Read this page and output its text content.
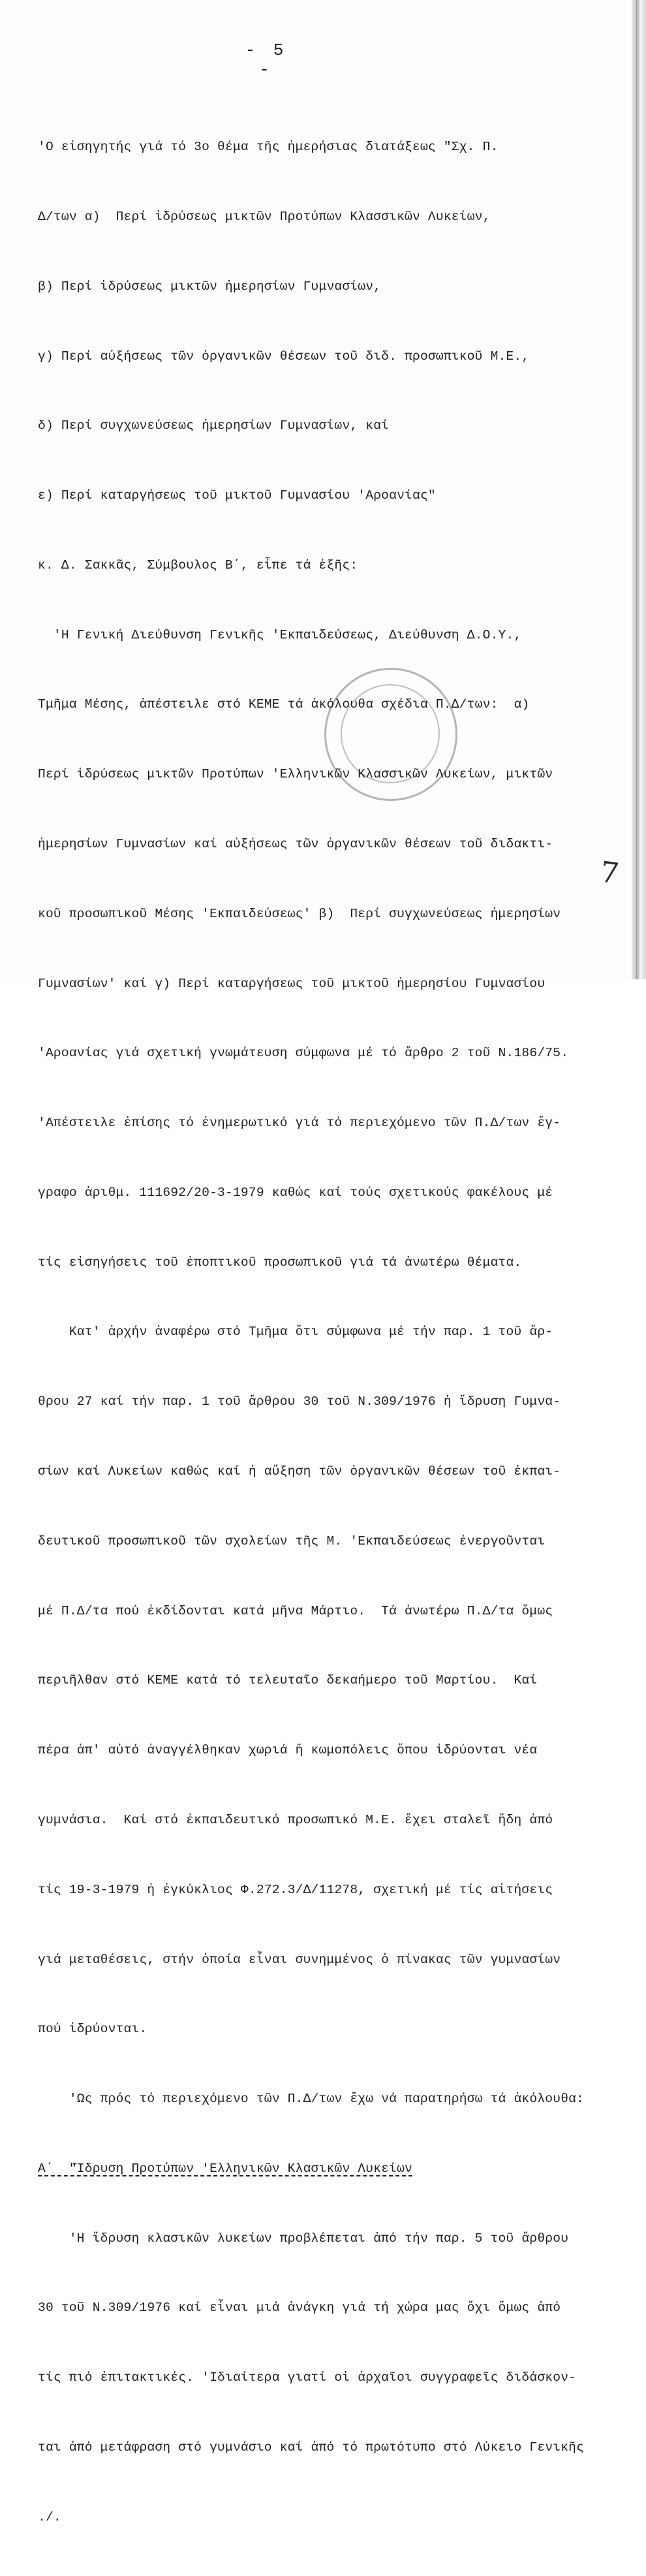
- 5 -

'Ο εἰσηγητής γιά τό 3ο θέμα τῆς ἡμερήσιας διατάξεως "Σχ. Π.

Δ/των α)  Περί ἱδρύσεως μικτῶν Προτύπων Κλασσικῶν Λυκείων,

β) Περί ἱδρύσεως μικτῶν ἡμερησίων Γυμνασίων,

γ) Περί αὐξήσεως τῶν ὀργανικῶν θέσεων τοῦ διδ. προσωπικοῦ Μ.Ε.,

δ) Περί συγχωνεύσεως ἡμερησίων Γυμνασίων, καί

ε) Περί καταργήσεως τοῦ μικτοῦ Γυμνασίου 'Αροανίας"

κ. Δ. Σακκᾶς, Σύμβουλος Β΄, εἶπε τά ἑξῆς:

'Η Γενική Διεύθυνση Γενικῆς 'Εκπαιδεύσεως, Διεύθυνση Δ.Ο.Υ.,

Τμῆμα Μέσης, ἀπέστειλε στό ΚΕΜΕ τά ἀκόλουθα σχέδια Π.Δ/των:  α)

Περί ἱδρύσεως μικτῶν Προτύπων 'Ελληνικῶν Κλασσικῶν Λυκείων, μικτῶν

ἡμερησίων Γυμνασίων καί αὐξήσεως τῶν ὀργανικῶν θέσεων τοῦ διδακτι-

κοῦ προσωπικοῦ Μέσης 'Εκπαιδεύσεως' β)  Περί συγχωνεύσεως ἡμερησίων

Γυμνασίων' καί γ) Περί καταργήσεως τοῦ μικτοῦ ἡμερησίου Γυμνασίου

'Αροανίας γιά σχετική γνωμάτευση σύμφωνα μέ τό ἄρθρο 2 τοῦ Ν.186/75.

'Απέστειλε ἐπίσης τό ἐνημερωτικό γιά τό περιεχόμενο τῶν Π.Δ/των ἔγ-

γραφο ἀριθμ. 111692/20-3-1979 καθώς καί τούς σχετικούς φακέλους μέ

τίς εἰσηγήσεις τοῦ ἐποπτικοῦ προσωπικοῦ γιά τά ἀνωτέρω θέματα.

Κατ' ἀρχήν ἀναφέρω στό Τμῆμα ὅτι σύμφωνα μέ τήν παρ. 1 τοῦ ἄρ-

θρου 27 καί τήν παρ. 1 τοῦ ἄρθρου 30 τοῦ Ν.309/1976 ἡ ἵδρυση Γυμνα-

σίων καί Λυκείων καθώς καί ἡ αὔξηση τῶν ὀργανικῶν θέσεων τοῦ ἐκπαι-

δευτικοῦ προσωπικοῦ τῶν σχολείων τῆς Μ. 'Εκπαιδεύσεως ἐνεργοῦνται

μέ Π.Δ/τα πού ἐκδίδονται κατά μῆνα Μάρτιο.  Τά ἀνωτέρω Π.Δ/τα ὅμως

περιῆλθαν στό ΚΕΜΕ κατά τό τελευταῖο δεκαήμερο τοῦ Μαρτίου.  Καί

πέρα ἀπ' αὐτό ἀναγγέλθηκαν χωριά ἤ κωμοπόλεις ὅπου ἱδρύονται νέα

γυμνάσια.  Καί στό ἐκπαιδευτικό προσωπικό Μ.Ε. ἔχει σταλεῖ ἤδη ἀπό

τίς 19-3-1979 ἡ ἐγκύκλιος Φ.272.3/Δ/11278, σχετική μέ τίς αἰτήσεις

γιά μεταθέσεις, στήν ὁποία εἶναι συνημμένος ὁ πίνακας τῶν γυμνασίων

πού ἱδρύονται.

'Ως πρός τό περιεχόμενο τῶν Π.Δ/των ἔχω νά παρατηρήσω τά ἀκόλουθα:

Α΄  "Ἵδρυση Προτύπων 'Ελληνικῶν Κλασικῶν Λυκείων

'Η ἵδρυση κλασικῶν λυκείων προβλέπεται ἀπό τήν παρ. 5 τοῦ ἄρθρου

30 τοῦ Ν.309/1976 καί εἶναι μιά ἀνάγκη γιά τή χώρα μας ὄχι ὅμως ἀπό

τίς πιό ἐπιτακτικές. 'Ιδιαίτερα γιατί οἱ ἀρχαῖοι συγγραφεῖς διδάσκον-

ται ἀπό μετάφραση στό γυμνάσιο καί ἀπό τό πρωτότυπο στό Λύκειο Γενικῆς

./.

7
